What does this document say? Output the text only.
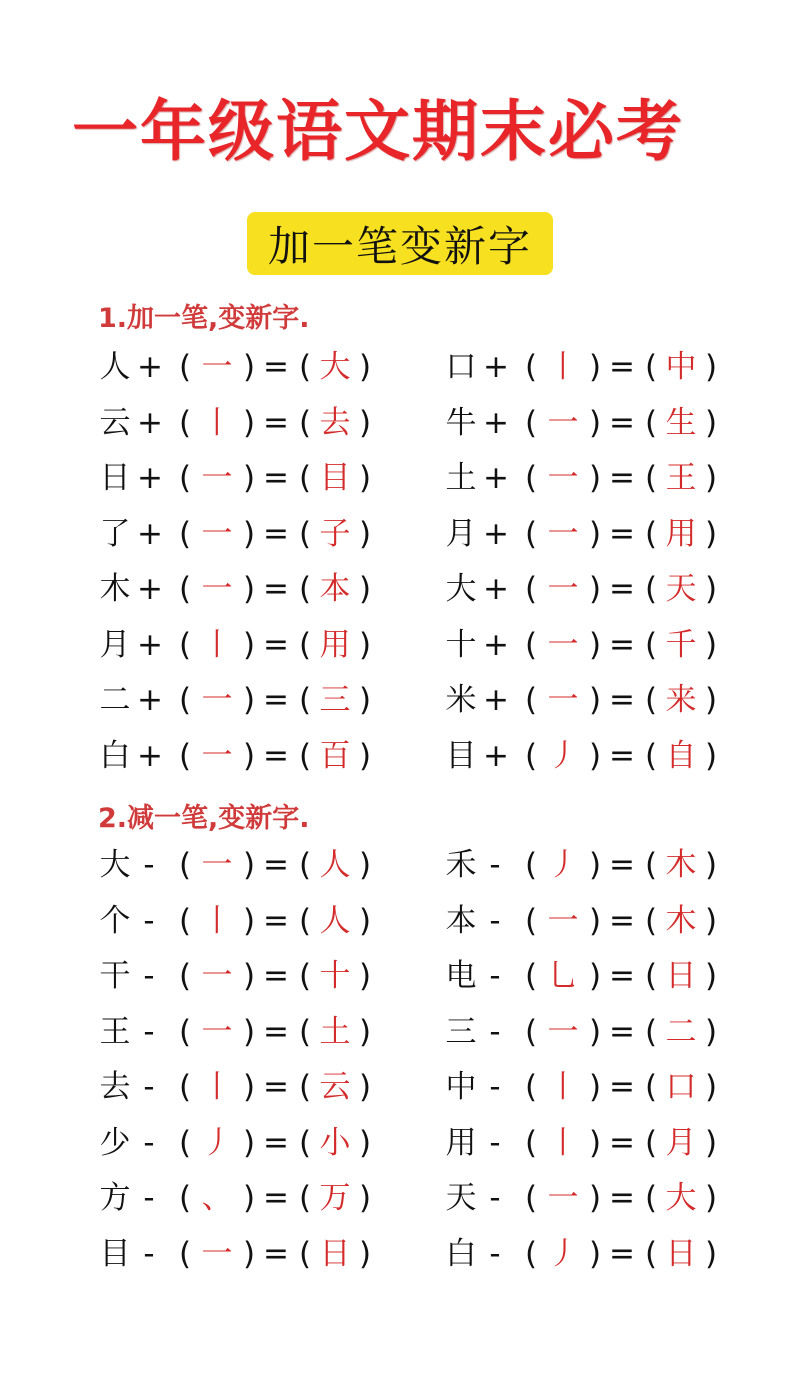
一年级语文期末必考
加一笔变新字
1.加一笔,变新字.
2.减一笔,变新字.
人 + ( 一 ) = ( 大 )
云 + ( 丨 ) = ( 去 )
日 + ( 一 ) = ( 目 )
了 + ( 一 ) = ( 子 )
木 + ( 一 ) = ( 本 )
月 + ( 丨 ) = ( 用 )
二 + ( 一 ) = ( 三 )
白 + ( 一 ) = ( 百 )
口 + ( 丨 ) = ( 中 )
牛 + ( 一 ) = ( 生 )
土 + ( 一 ) = ( 王 )
月 + ( 一 ) = ( 用 )
大 + ( 一 ) = ( 天 )
十 + ( 一 ) = ( 千 )
米 + ( 一 ) = ( 来 )
目 + ( 丿 ) = ( 自 )
大 - ( 一 ) = ( 人 )
个 - ( 丨 ) = ( 人 )
干 - ( 一 ) = ( 十 )
王 - ( 一 ) = ( 土 )
去 - ( 丨 ) = ( 云 )
少 - ( 丿 ) = ( 小 )
方 - ( 、 ) = ( 万 )
目 - ( 一 ) = ( 日 )
禾 - ( 丿 ) = ( 木 )
本 - ( 一 ) = ( 木 )
电 - ( 乚 ) = ( 日 )
三 - ( 一 ) = ( 二 )
中 - ( 丨 ) = ( 口 )
用 - ( 丨 ) = ( 月 )
天 - ( 一 ) = ( 大 )
白 - ( 丿 ) = ( 日 )
